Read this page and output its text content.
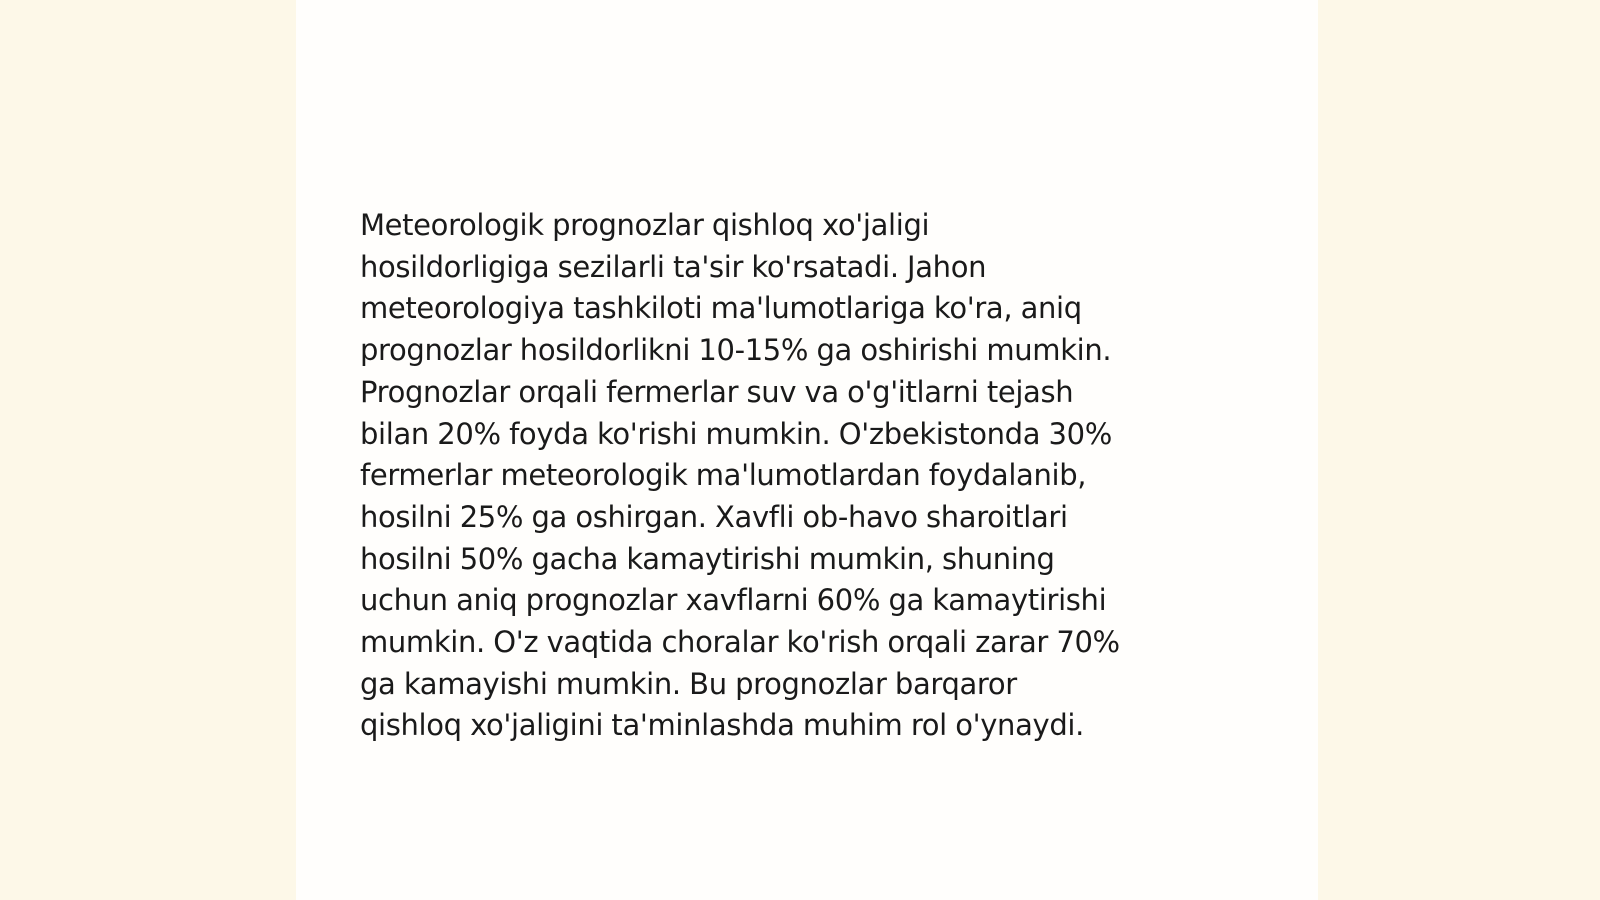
Meteorologik prognozlar qishloq xo'jaligi
hosildorligiga sezilarli ta'sir ko'rsatadi. Jahon
meteorologiya tashkiloti ma'lumotlariga ko'ra, aniq
prognozlar hosildorlikni 10-15% ga oshirishi mumkin.
Prognozlar orqali fermerlar suv va o'g'itlarni tejash
bilan 20% foyda ko'rishi mumkin. O'zbekistonda 30%
fermerlar meteorologik ma'lumotlardan foydalanib,
hosilni 25% ga oshirgan. Xavfli ob-havo sharoitlari
hosilni 50% gacha kamaytirishi mumkin, shuning
uchun aniq prognozlar xavflarni 60% ga kamaytirishi
mumkin. O'z vaqtida choralar ko'rish orqali zarar 70%
ga kamayishi mumkin. Bu prognozlar barqaror
qishloq xo'jaligini ta'minlashda muhim rol o'ynaydi.
